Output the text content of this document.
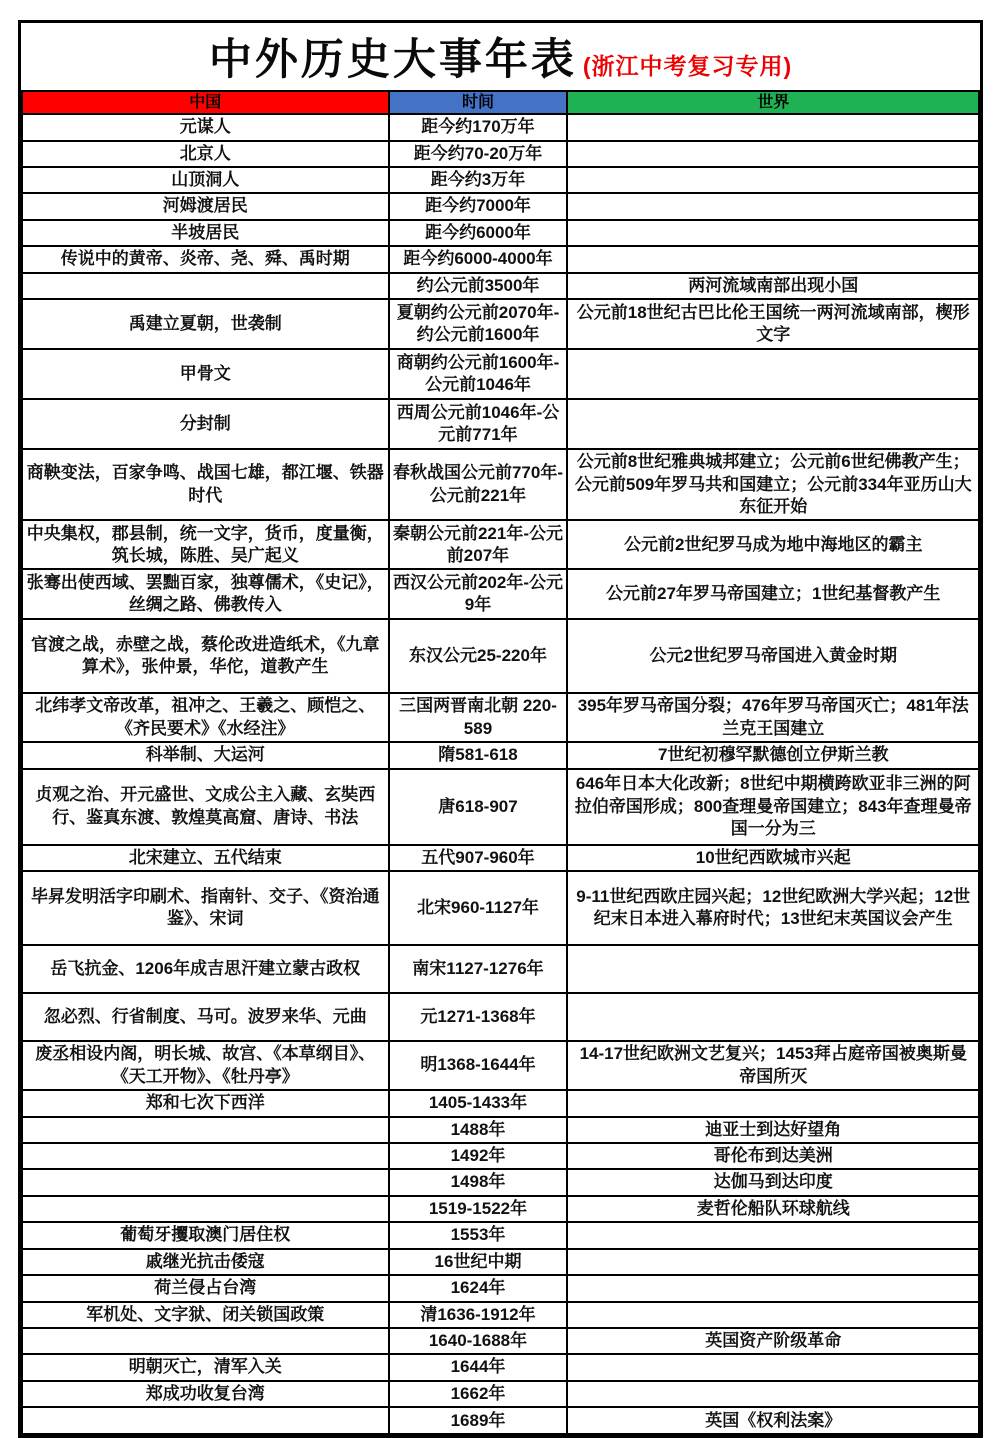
中外历史大事年表 (浙江中考复习专用)
中国	时间	世界
元谋人	距今约170万年	
北京人	距今约70-20万年	
山顶洞人	距今约3万年	
河姆渡居民	距今约7000年	
半坡居民	距今约6000年	
传说中的黄帝、炎帝、尧、舜、禹时期	距今约6000-4000年	
	约公元前3500年	两河流域南部出现小国
禹建立夏朝，世袭制	夏朝约公元前2070年-约公元前1600年	公元前18世纪古巴比伦王国统一两河流域南部，楔形文字
甲骨文	商朝约公元前1600年-公元前1046年	
分封制	西周公元前1046年-公元前771年	
商鞅变法，百家争鸣、战国七雄，都江堰、铁器时代	春秋战国公元前770年-公元前221年	公元前8世纪雅典城邦建立；公元前6世纪佛教产生；公元前509年罗马共和国建立；公元前334年亚历山大东征开始
中央集权，郡县制，统一文字，货币，度量衡，筑长城，陈胜、吴广起义	秦朝公元前221年-公元前207年	公元前2世纪罗马成为地中海地区的霸主
张骞出使西域、罢黜百家，独尊儒术，《史记》，丝绸之路、佛教传入	西汉公元前202年-公元9年	公元前27年罗马帝国建立；1世纪基督教产生
官渡之战，赤壁之战，蔡伦改进造纸术，《九章算术》，张仲景，华佗，道教产生	东汉公元25-220年	公元2世纪罗马帝国进入黄金时期
北纬孝文帝改革，祖冲之、王羲之、顾恺之、《齐民要术》《水经注》	三国两晋南北朝 220-589	395年罗马帝国分裂；476年罗马帝国灭亡；481年法兰克王国建立
科举制、大运河	隋581-618	7世纪初穆罕默德创立伊斯兰教
贞观之治、开元盛世、文成公主入藏、玄奘西行、鉴真东渡、敦煌莫高窟、唐诗、书法	唐618-907	646年日本大化改新；8世纪中期横跨欧亚非三洲的阿拉伯帝国形成；800查理曼帝国建立；843年查理曼帝国一分为三
北宋建立、五代结束	五代907-960年	10世纪西欧城市兴起
毕昇发明活字印刷术、指南针、交子、《资治通鉴》、宋词	北宋960-1127年	9-11世纪西欧庄园兴起；12世纪欧洲大学兴起；12世纪末日本进入幕府时代；13世纪末英国议会产生
岳飞抗金、1206年成吉思汗建立蒙古政权	南宋1127-1276年	
忽必烈、行省制度、马可。波罗来华、元曲	元1271-1368年	
废丞相设内阁，明长城、故宫、《本草纲目》、《天工开物》、《牡丹亭》	明1368-1644年	14-17世纪欧洲文艺复兴；1453拜占庭帝国被奥斯曼帝国所灭
郑和七次下西洋	1405-1433年	
	1488年	迪亚士到达好望角
	1492年	哥伦布到达美洲
	1498年	达伽马到达印度
	1519-1522年	麦哲伦船队环球航线
葡萄牙攫取澳门居住权	1553年	
戚继光抗击倭寇	16世纪中期	
荷兰侵占台湾	1624年	
军机处、文字狱、闭关锁国政策	清1636-1912年	
	1640-1688年	英国资产阶级革命
明朝灭亡，清军入关	1644年	
郑成功收复台湾	1662年	
	1689年	英国《权利法案》
